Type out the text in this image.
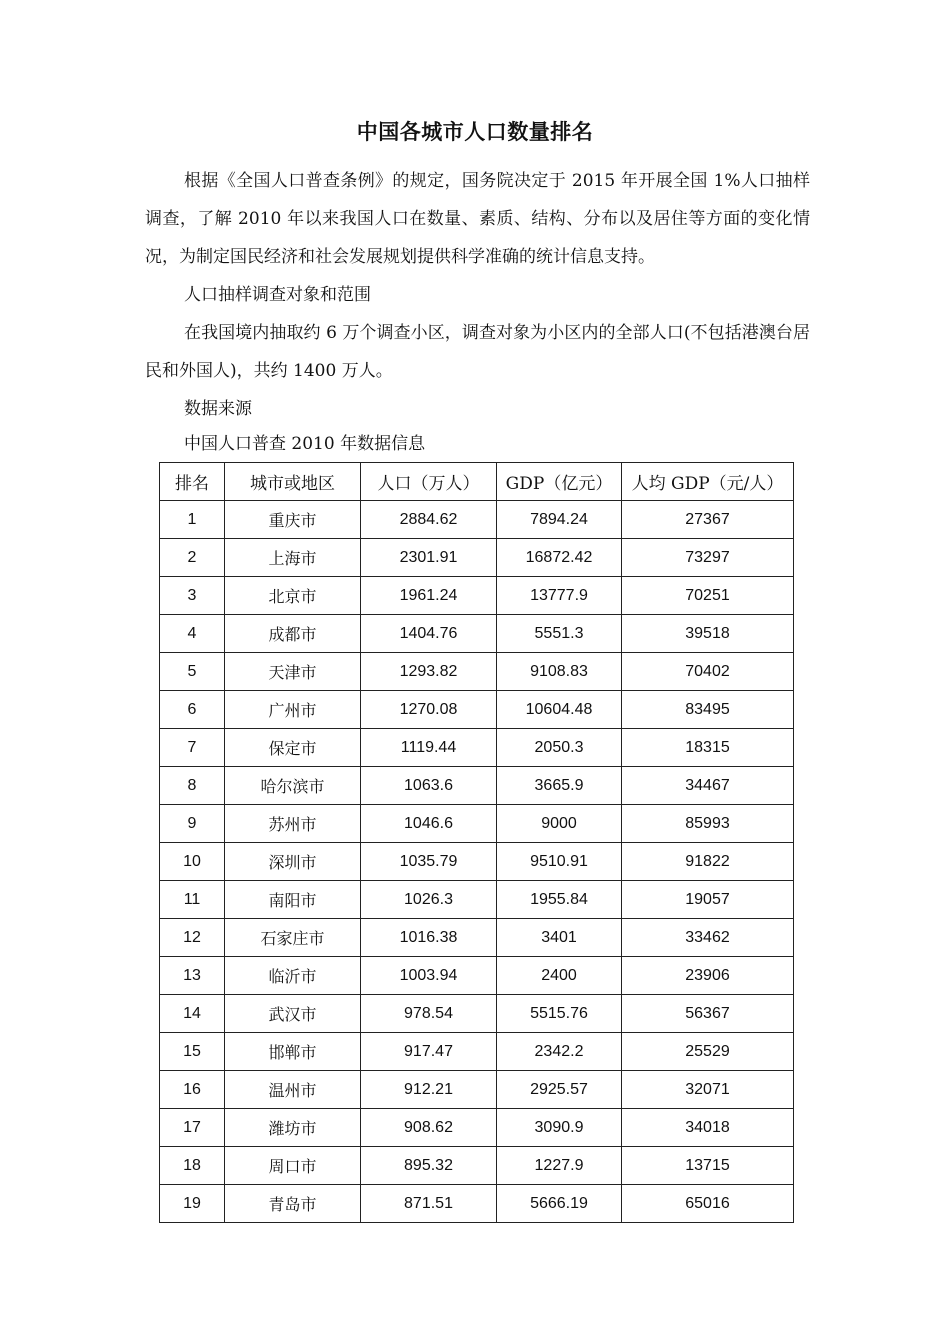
中国各城市人口数量排名

根据《全国人口普查条例》的规定，国务院决定于 2015 年开展全国 1%人口抽样调查，了解 2010 年以来我国人口在数量、素质、结构、分布以及居住等方面的变化情况，为制定国民经济和社会发展规划提供科学准确的统计信息支持。

人口抽样调查对象和范围

在我国境内抽取约 6 万个调查小区，调查对象为小区内的全部人口(不包括港澳台居民和外国人)，共约 1400 万人。

数据来源

中国人口普查 2010 年数据信息

排名	城市或地区	人口（万人）	GDP（亿元）	人均 GDP（元/人）
1	重庆市	2884.62	7894.24	27367
2	上海市	2301.91	16872.42	73297
3	北京市	1961.24	13777.9	70251
4	成都市	1404.76	5551.3	39518
5	天津市	1293.82	9108.83	70402
6	广州市	1270.08	10604.48	83495
7	保定市	1119.44	2050.3	18315
8	哈尔滨市	1063.6	3665.9	34467
9	苏州市	1046.6	9000	85993
10	深圳市	1035.79	9510.91	91822
11	南阳市	1026.3	1955.84	19057
12	石家庄市	1016.38	3401	33462
13	临沂市	1003.94	2400	23906
14	武汉市	978.54	5515.76	56367
15	邯郸市	917.47	2342.2	25529
16	温州市	912.21	2925.57	32071
17	潍坊市	908.62	3090.9	34018
18	周口市	895.32	1227.9	13715
19	青岛市	871.51	5666.19	65016
